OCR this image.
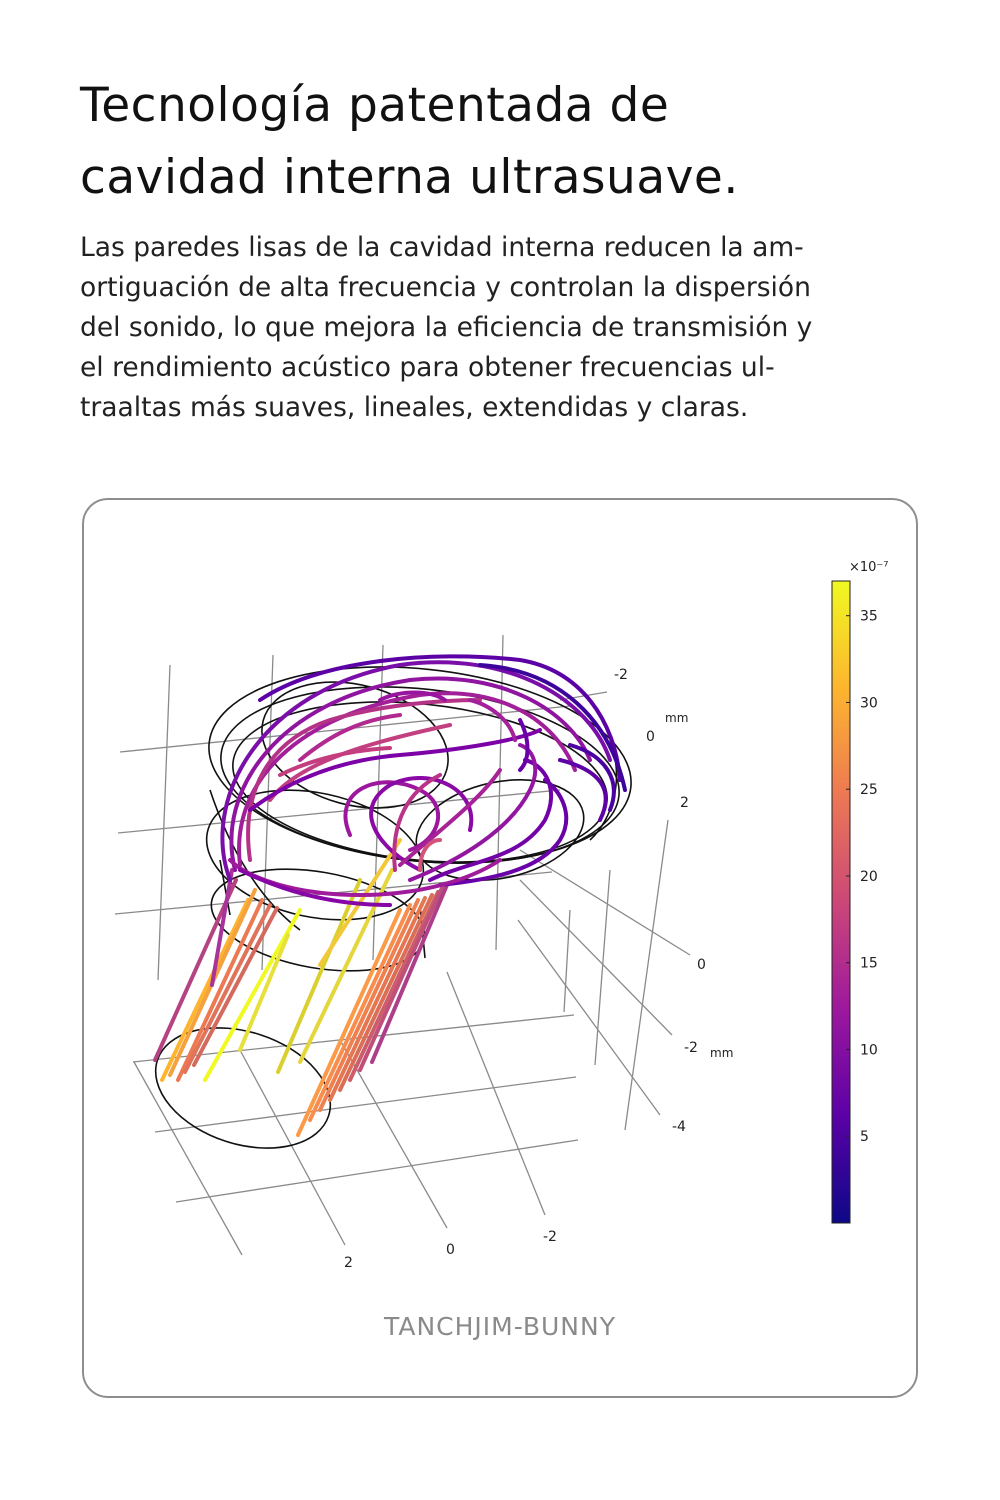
Tecnología patentada de
cavidad interna ultrasuave.

Las paredes lisas de la cavidad interna reducen la am-
ortiguación de alta frecuencia y controlan la dispersión
del sonido, lo que mejora la eficiencia de transmisión y
el rendimiento acústico para obtener frecuencias ul-
traaltas más suaves, lineales, extendidas y claras.

-2
0
2
mm
0
-2
-4
mm
2
0
-2
×10⁻⁷
35
30
25
20
15
10
5
TANCHJIM-BUNNY
